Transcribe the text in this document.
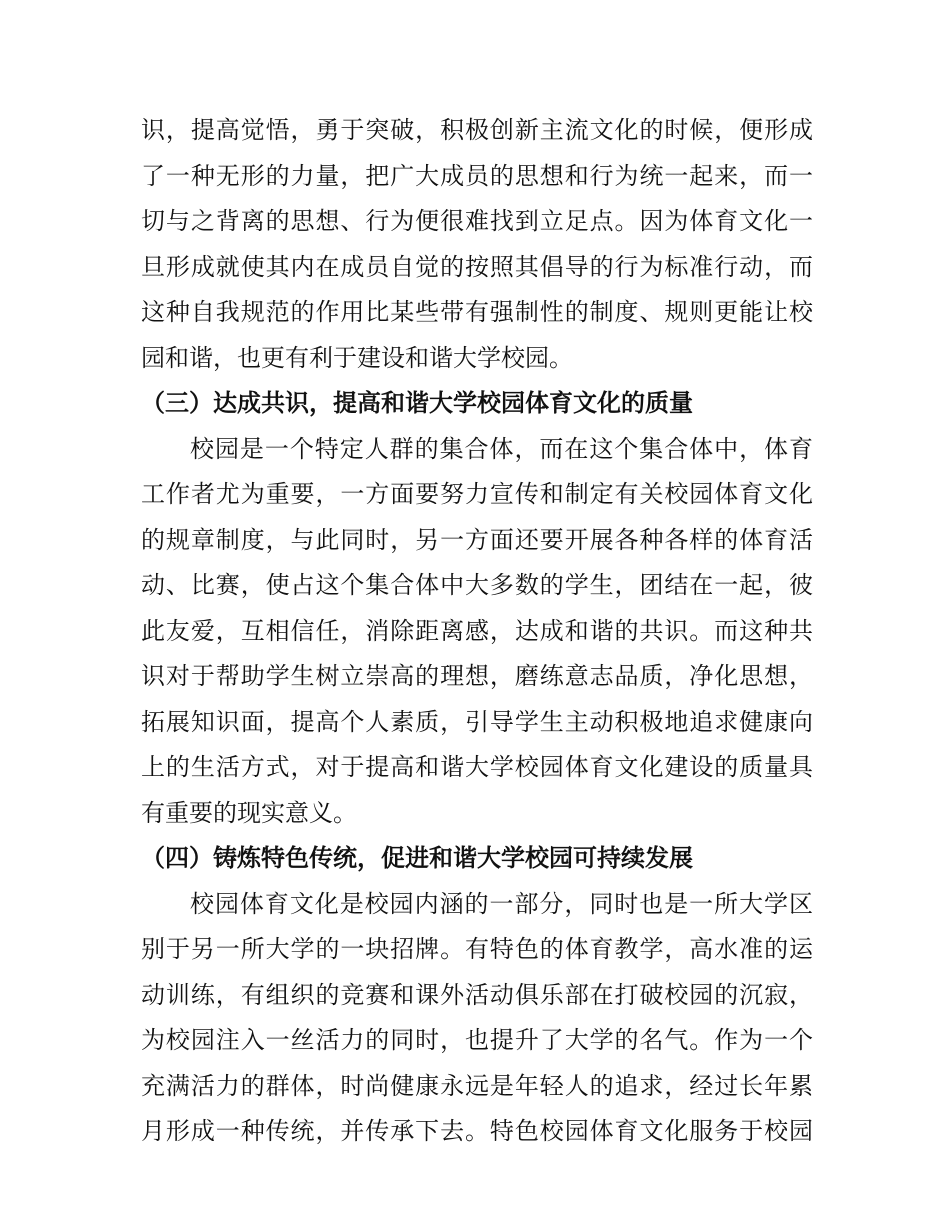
识，提高觉悟，勇于突破，积极创新主流文化的时候，便形成
了一种无形的力量，把广大成员的思想和行为统一起来，而一
切与之背离的思想、行为便很难找到立足点。因为体育文化一
旦形成就使其内在成员自觉的按照其倡导的行为标准行动，而
这种自我规范的作用比某些带有强制性的制度、规则更能让校
园和谐，也更有利于建设和谐大学校园。
（三）达成共识，提高和谐大学校园体育文化的质量
校园是一个特定人群的集合体，而在这个集合体中，体育
工作者尤为重要，一方面要努力宣传和制定有关校园体育文化
的规章制度，与此同时，另一方面还要开展各种各样的体育活
动、比赛，使占这个集合体中大多数的学生，团结在一起，彼
此友爱，互相信任，消除距离感，达成和谐的共识。而这种共
识对于帮助学生树立崇高的理想，磨练意志品质，净化思想，
拓展知识面，提高个人素质，引导学生主动积极地追求健康向
上的生活方式，对于提高和谐大学校园体育文化建设的质量具
有重要的现实意义。
（四）铸炼特色传统，促进和谐大学校园可持续发展
校园体育文化是校园内涵的一部分，同时也是一所大学区
别于另一所大学的一块招牌。有特色的体育教学，高水准的运
动训练，有组织的竞赛和课外活动俱乐部在打破校园的沉寂，
为校园注入一丝活力的同时，也提升了大学的名气。作为一个
充满活力的群体，时尚健康永远是年轻人的追求，经过长年累
月形成一种传统，并传承下去。特色校园体育文化服务于校园
